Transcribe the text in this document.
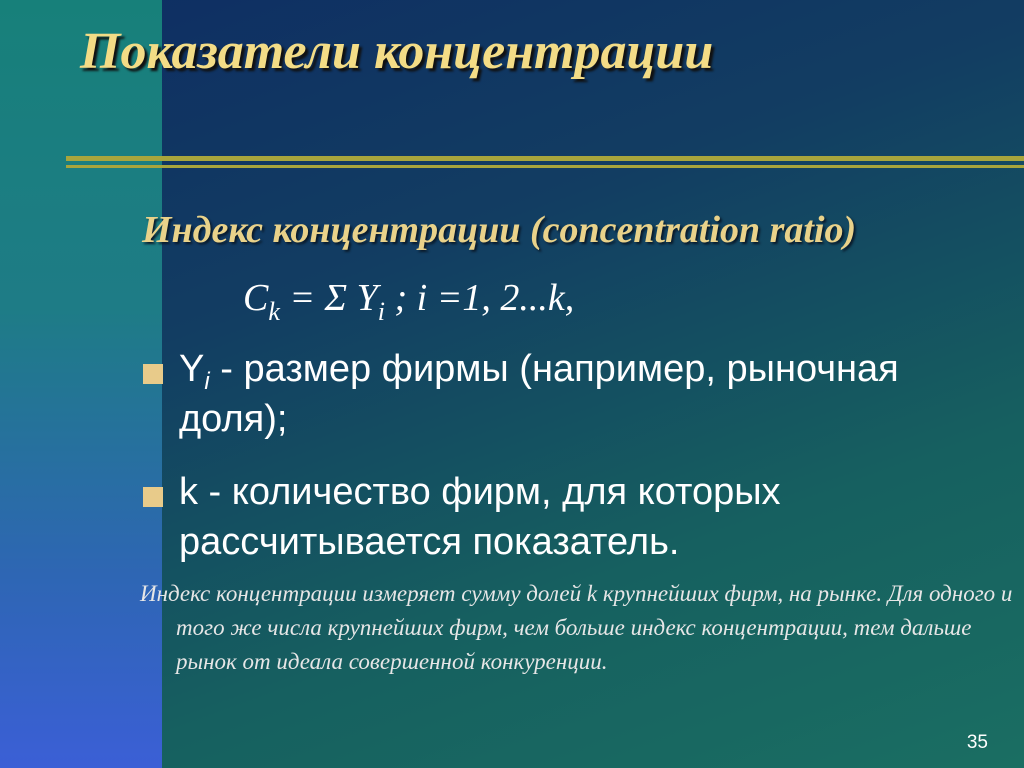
Показатели концентрации
Индекс концентрации (concentration ratio)
$C_k = \Sigma$ $Y_i$ ; i =1, 2...k,
$Y_i$ - размер фирмы (например, рыночная доля);
k - количество фирм, для которых рассчитывается показатель.

Индекс концентрации измеряет сумму долей k крупнейших фирм, на рынке. Для одного и того же числа крупнейших фирм, чем больше индекс концентрации, тем дальше рынок от идеала совершенной конкуренции.

35
